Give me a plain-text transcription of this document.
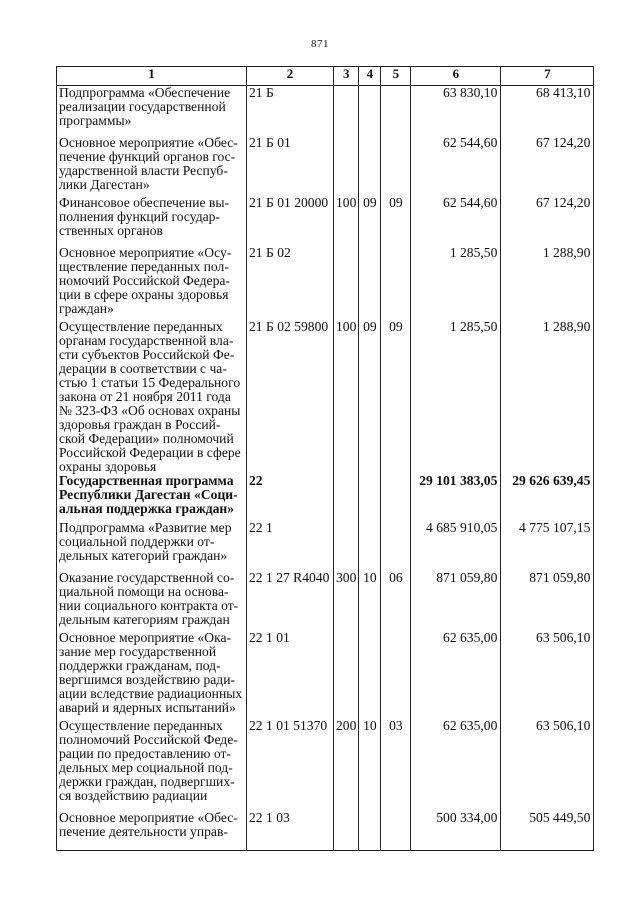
871
1	2	3	4	5	6	7
Подпрограмма «Обеспечение реализации государственной программы»	21 Б				63 830,10	68 413,10
Основное мероприятие «Обес-печение функций органов гос-ударственной власти Респуб-лики Дагестан»	21 Б 01				62 544,60	67 124,20
Финансовое обеспечение вы-полнения функций государ-ственных органов	21 Б 01 20000	100	09	09	62 544,60	67 124,20
Основное мероприятие «Осу-ществление переданных пол-номочий Российской Федера-ции в сфере охраны здоровья граждан»	21 Б 02				1 285,50	1 288,90
Осуществление переданных органам государственной вла-сти субъектов Российской Фе-дерации в соответствии с ча-стью 1 статьи 15 Федерального закона от 21 ноября 2011 года № 323-ФЗ «Об основах охраны здоровья граждан в Россий-ской Федерации» полномочий Российской Федерации в сфере охраны здоровья	21 Б 02 59800	100	09	09	1 285,50	1 288,90
Государственная программа Республики Дагестан «Соци-альная поддержка граждан»	22				29 101 383,05	29 626 639,45
Подпрограмма «Развитие мер социальной поддержки от-дельных категорий граждан»	22 1				4 685 910,05	4 775 107,15
Оказание государственной со-циальной помощи на основа-нии социального контракта от-дельным категориям граждан	22 1 27 R4040	300	10	06	871 059,80	871 059,80
Основное мероприятие «Ока-зание мер государственной поддержки гражданам, под-вергшимся воздействию ради-ации вследствие радиационных аварий и ядерных испытаний»	22 1 01				62 635,00	63 506,10
Осуществление переданных полномочий Российской Феде-рации по предоставлению от-дельных мер социальной под-держки граждан, подвергших-ся воздействию радиации	22 1 01 51370	200	10	03	62 635,00	63 506,10
Основное мероприятие «Обес-печение деятельности управ-	22 1 03				500 334,00	505 449,50
